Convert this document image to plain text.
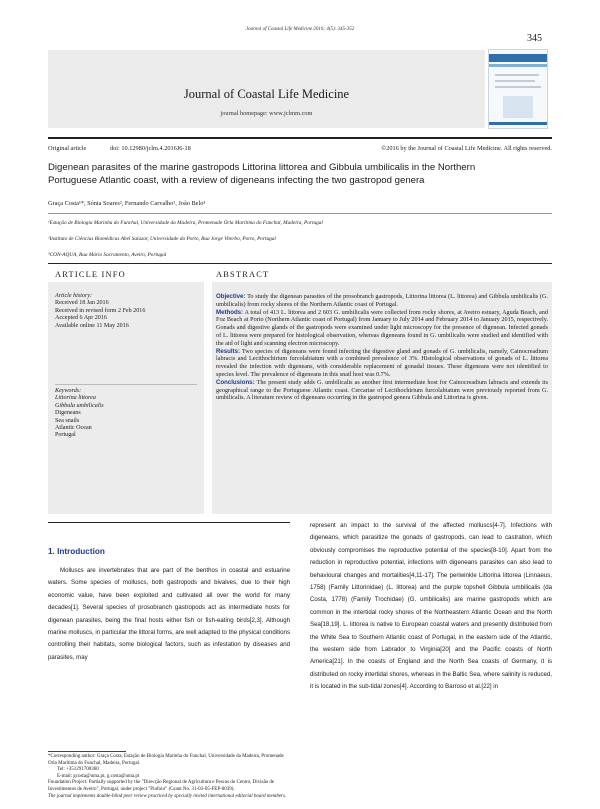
Journal of Coastal Life Medicine 2016; 4(5): 345-352
345
Journal of Coastal Life Medicine
journal homepage: www.jclmm.com
Original article	doi: 10.12980/jclm.4.2016J6-18	©2016 by the Journal of Coastal Life Medicine. All rights reserved.
Digenean parasites of the marine gastropods Littorina littorea and Gibbula umbilicalis in the Northern
Portuguese Atlantic coast, with a review of digeneans infecting the two gastropod genera
Graça Costa¹*, Sónia Soares², Fernando Carvalho², João Belo³
¹Estação de Biologia Marinha do Funchal, Universidade da Madeira, Promenade Orla Marítima do Funchal, Madeira, Portugal
²Instituto de Ciências Biomédicas Abel Salazar, Universidade do Porto, Rua Jorge Viterbo, Porto, Portugal
³CON-AQUA, Rua Mário Sacramento, Aveiro, Portugal
ARTICLE INFO	ABSTRACT
Article history:
Received 18 Jan 2016
Received in revised form 2 Feb 2016
Accepted 6 Apr 2016
Available online 11 May 2016
Keywords:
Littorina littorea
Gibbula umbilicalis
Digeneans
Sea snails
Atlantic Ocean
Portugal
Objective: To study the digenean parasites of the prosobranch gastropods, Littorina littorea (L. littorea) and Gibbula umbilicalis (G. umbilicalis) from rocky shores of the Northern Atlantic coast of Portugal.
Methods: A total of 413 L. littorea and 2 603 G. umbilicalis were collected from rocky shores, at Aveiro estuary, Aguda Beach, and Foz Beach at Porto (Northern Atlantic coast of Portugal) from January to July 2014 and February 2014 to January 2015, respectively. Gonads and digestive glands of the gastropods were examined under light microscopy for the presence of digenean. Infected gonads of L. littorea were prepared for histological observation, whereas digeneans found in G. umbilicalis were studied and identified with the aid of light and scanning electron microscopy.
Results: Two species of digeneans were found infecting the digestive gland and gonads of G. umbilicalis, namely, Cainocreadium labracis and Lecithochirium furcolabiatum with a combined prevalence of 3%. Histological observations of gonads of L. littorea revealed the infection with digeneans, with considerable replacement of gonadal tissues. These digeneans were not identified to species level. The prevalence of digeneans in this snail host was 0.7%.
Conclusions: The present study adds G. umbilicalis as another first intermediate host for Cainocreadium labracis and extends its geographical range to the Portuguese Atlantic coast. Cercariae of Lecithochirium furcolabiatum were previously reported from G. umbilicalis. A literature review of digeneans occurring in the gastropod genera Gibbula and Littorina is given.
1. Introduction
Molluscs are invertebrates that are part of the benthos in coastal and estuarine waters. Some species of molluscs, both gastropods and bivalves, due to their high economic value, have been exploited and cultivated all over the world for many decades[1]. Several species of prosobranch gastropods act as intermediate hosts for digenean parasites, being the final hosts either fish or fish-eating birds[2,3]. Although marine molluscs, in particular the littoral forms, are well adapted to the physical conditions controlling their habitats, some biological factors, such as infestation by diseases and parasites, may
represent an impact to the survival of the affected molluscs[4-7]. Infections with digeneans, which parasitize the gonads of gastropods, can lead to castration, which obviously compromises the reproductive potential of the species[8-10]. Apart from the reduction in reproductive potential, infections with digeneans parasites can also lead to behavioural changes and mortalities[4,11-17]. The periwinkle Littorina littorea (Linnaeus, 1758) (Family Littorinidae) (L. littorea) and the purple topshell Gibbula umbilicalis (da Costa, 1778) (Family Trochidae) (G. umbilicalis) are marine gastropods which are common in the intertidal rocky shores of the Northeastern Atlantic Ocean and the North Sea[18,19]. L. littorea is native to European coastal waters and presently distributed from the White Sea to Southern Atlantic coast of Portugal, in the eastern side of the Atlantic, the western side from Labrador to Virginia[20] and the Pacific coasts of North America[21]. In the coasts of England and the North Sea coasts of Germany, it is distributed on rocky intertidal shores, whereas in the Baltic Sea, where salinity is reduced, it is located in the sub-tidal zones[4]. According to Barroso et al.[22] in
*Corresponding author: Graça Costa, Estação de Biologia Marinha do Funchal, Universidade da Madeira, Promenade Orla Marítima do Funchal, Madeira, Portugal.
Tel: +351291700360
E-mail: gcosta@uma.pt, g.costa@uma.pt
Foundation Project: Partially supported by the "Direcção Regional de Agricultura e Pescas do Centro, Divisão de Investimentos de Aveiro", Portugal, under project "Pinfour" (Grant No. 31-03-05-FEP-0039).
The journal implements double-blind peer review practiced by specially invited international editorial board members.
